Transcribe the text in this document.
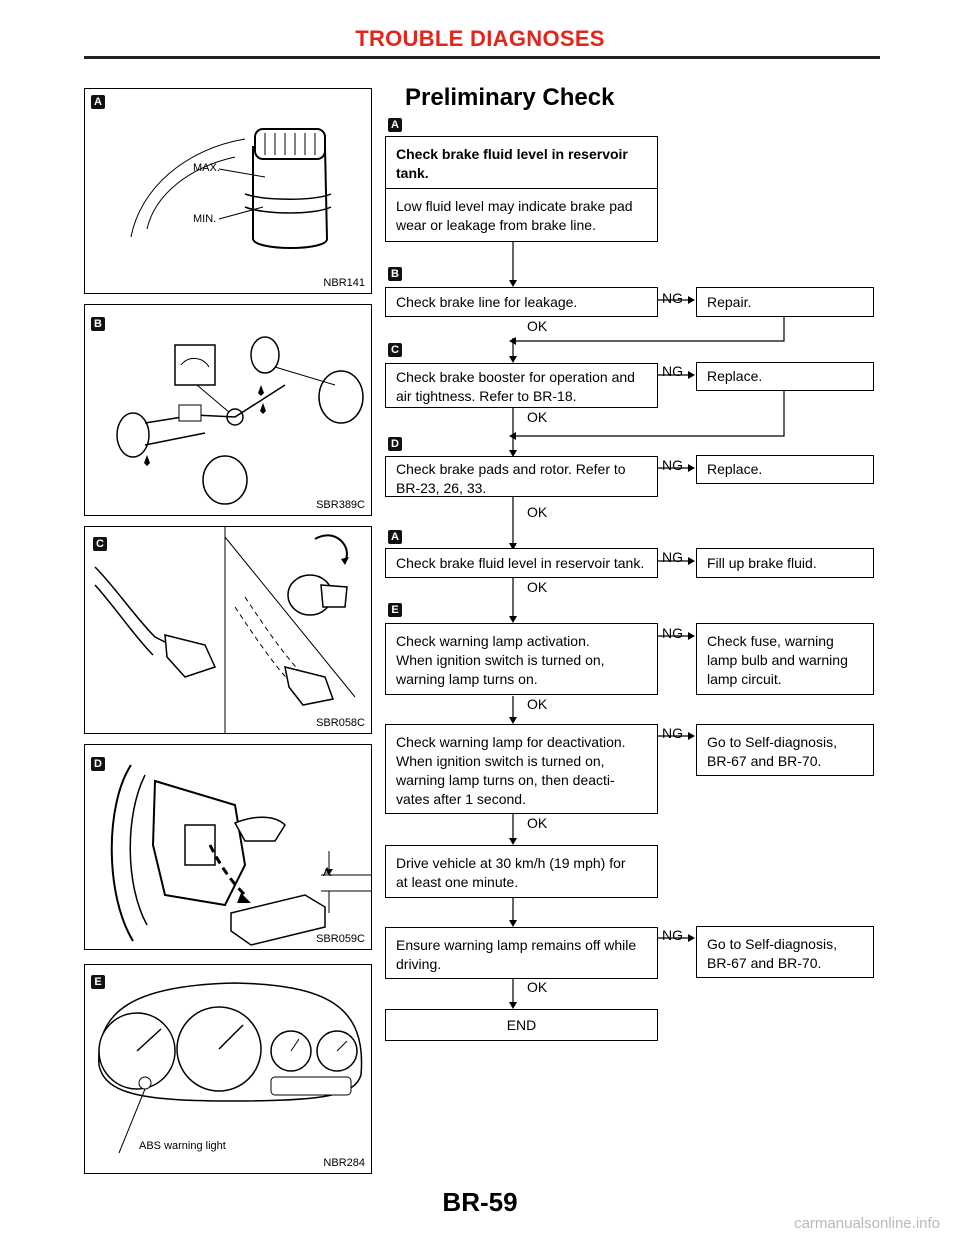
TROUBLE DIAGNOSES
A
MAX.
MIN.
NBR141
B
SBR389C
C
SBR058C
D
A
SBR059C
E
ABS warning light
NBR284
Preliminary Check
A
B
C
D
A
E
Check brake fluid level in reservoir
tank.
Low fluid level may indicate brake pad
wear or leakage from brake line.
Check brake line for leakage.
OK
NG	Repair.
Check brake booster for operation and
air tightness. Refer to BR-18.
OK
NG	Replace.
Check brake pads and rotor. Refer to
BR-23, 26, 33.
OK
NG	Replace.
Check brake fluid level in reservoir tank.
OK
NG	Fill up brake fluid.
Check warning lamp activation.
When ignition switch is turned on,
warning lamp turns on.
OK
NG	Check fuse, warning
lamp bulb and warning
lamp circuit.
Check warning lamp for deactivation.
When ignition switch is turned on,
warning lamp turns on, then deacti-
vates after 1 second.
OK
NG
Go to Self-diagnosis,
BR-67 and BR-70.
Drive vehicle at 30 km/h (19 mph) for
at least one minute.
Ensure warning lamp remains off while
driving.
OK
NG
Go to Self-diagnosis,
BR-67 and BR-70.
END
BR-59
carmanualsonline.info
